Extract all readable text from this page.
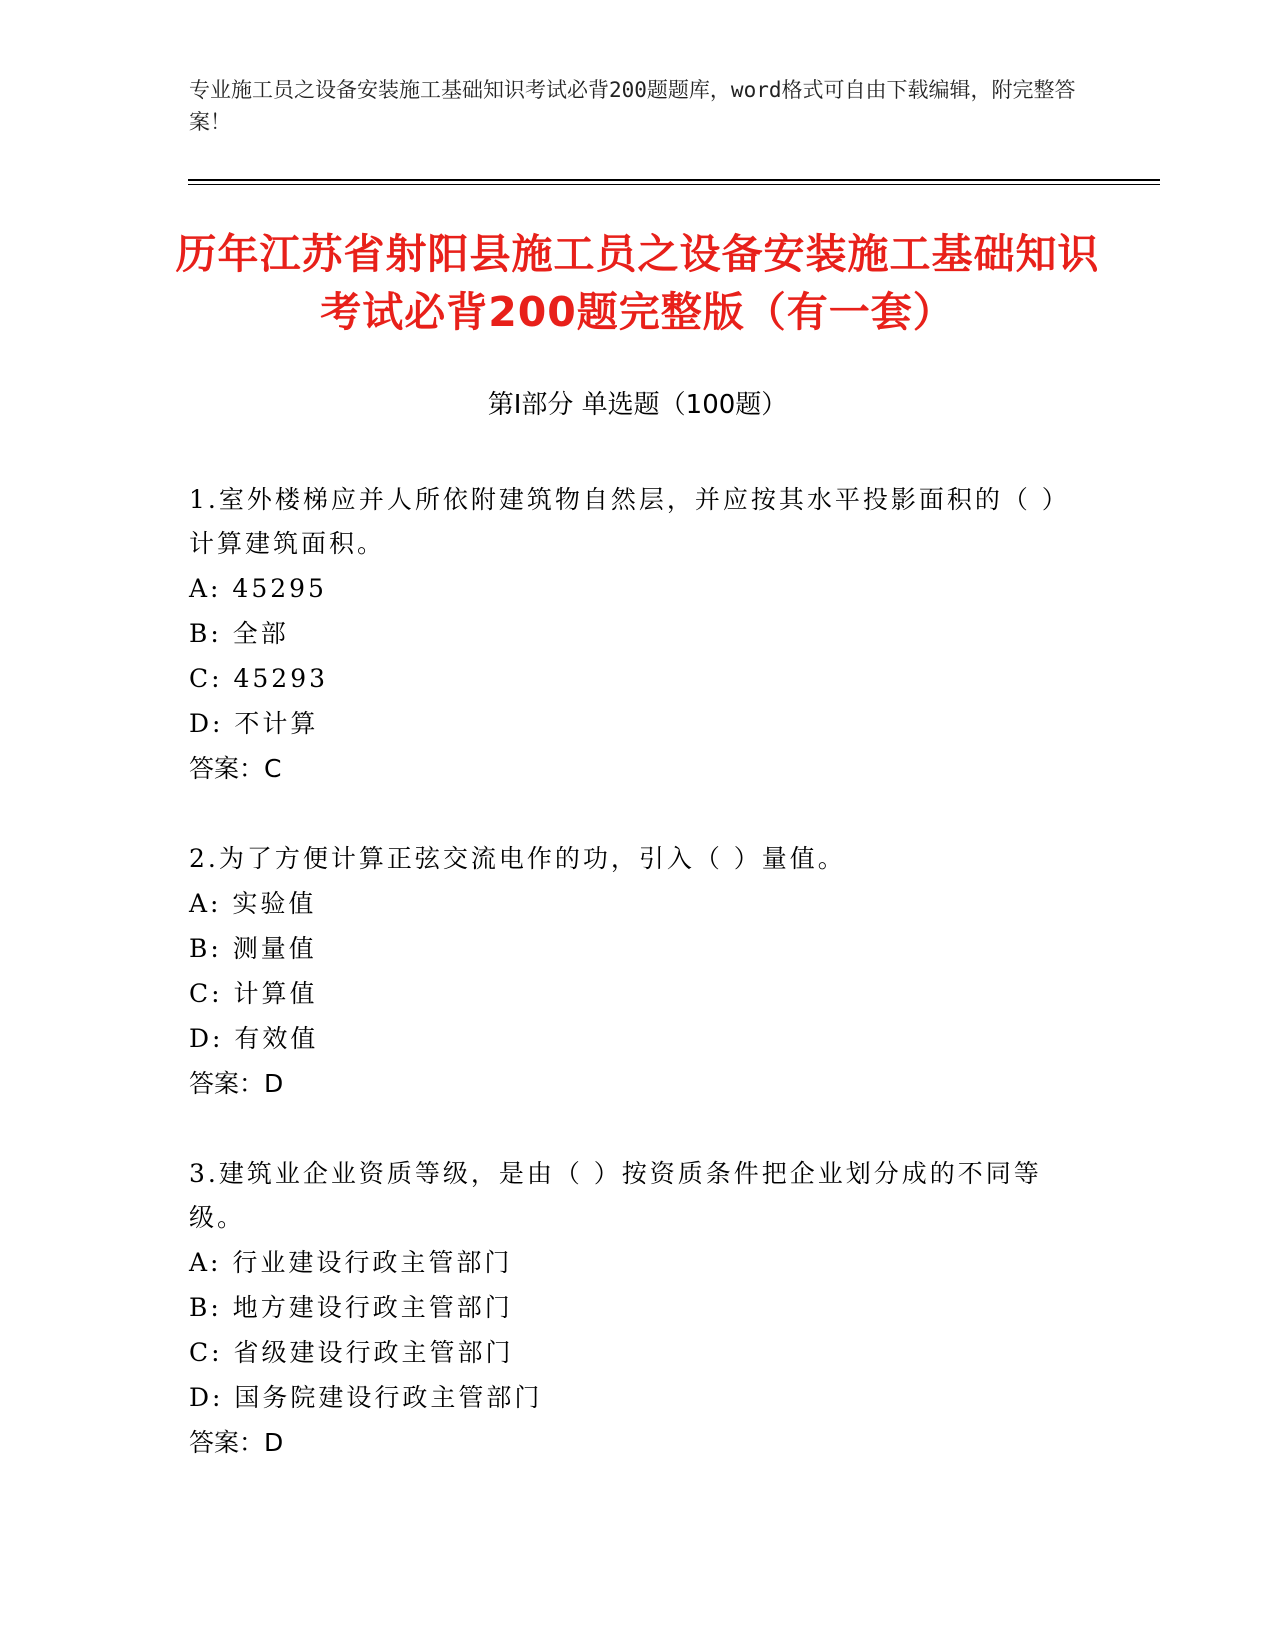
专业施工员之设备安装施工基础知识考试必背200题题库，word格式可自由下载编辑，附完整答案！
历年江苏省射阳县施工员之设备安装施工基础知识考试必背200题完整版（有一套）
第Ⅰ部分 单选题（100题）
1.室外楼梯应并人所依附建筑物自然层，并应按其水平投影面积的（ ）计算建筑面积。
A: 45295
B: 全部
C: 45293
D: 不计算
答案：C
2.为了方便计算正弦交流电作的功，引入（ ）量值。
A: 实验值
B: 测量值
C: 计算值
D: 有效值
答案：D
3.建筑业企业资质等级，是由（ ）按资质条件把企业划分成的不同等级。
A: 行业建设行政主管部门
B: 地方建设行政主管部门
C: 省级建设行政主管部门
D: 国务院建设行政主管部门
答案：D
